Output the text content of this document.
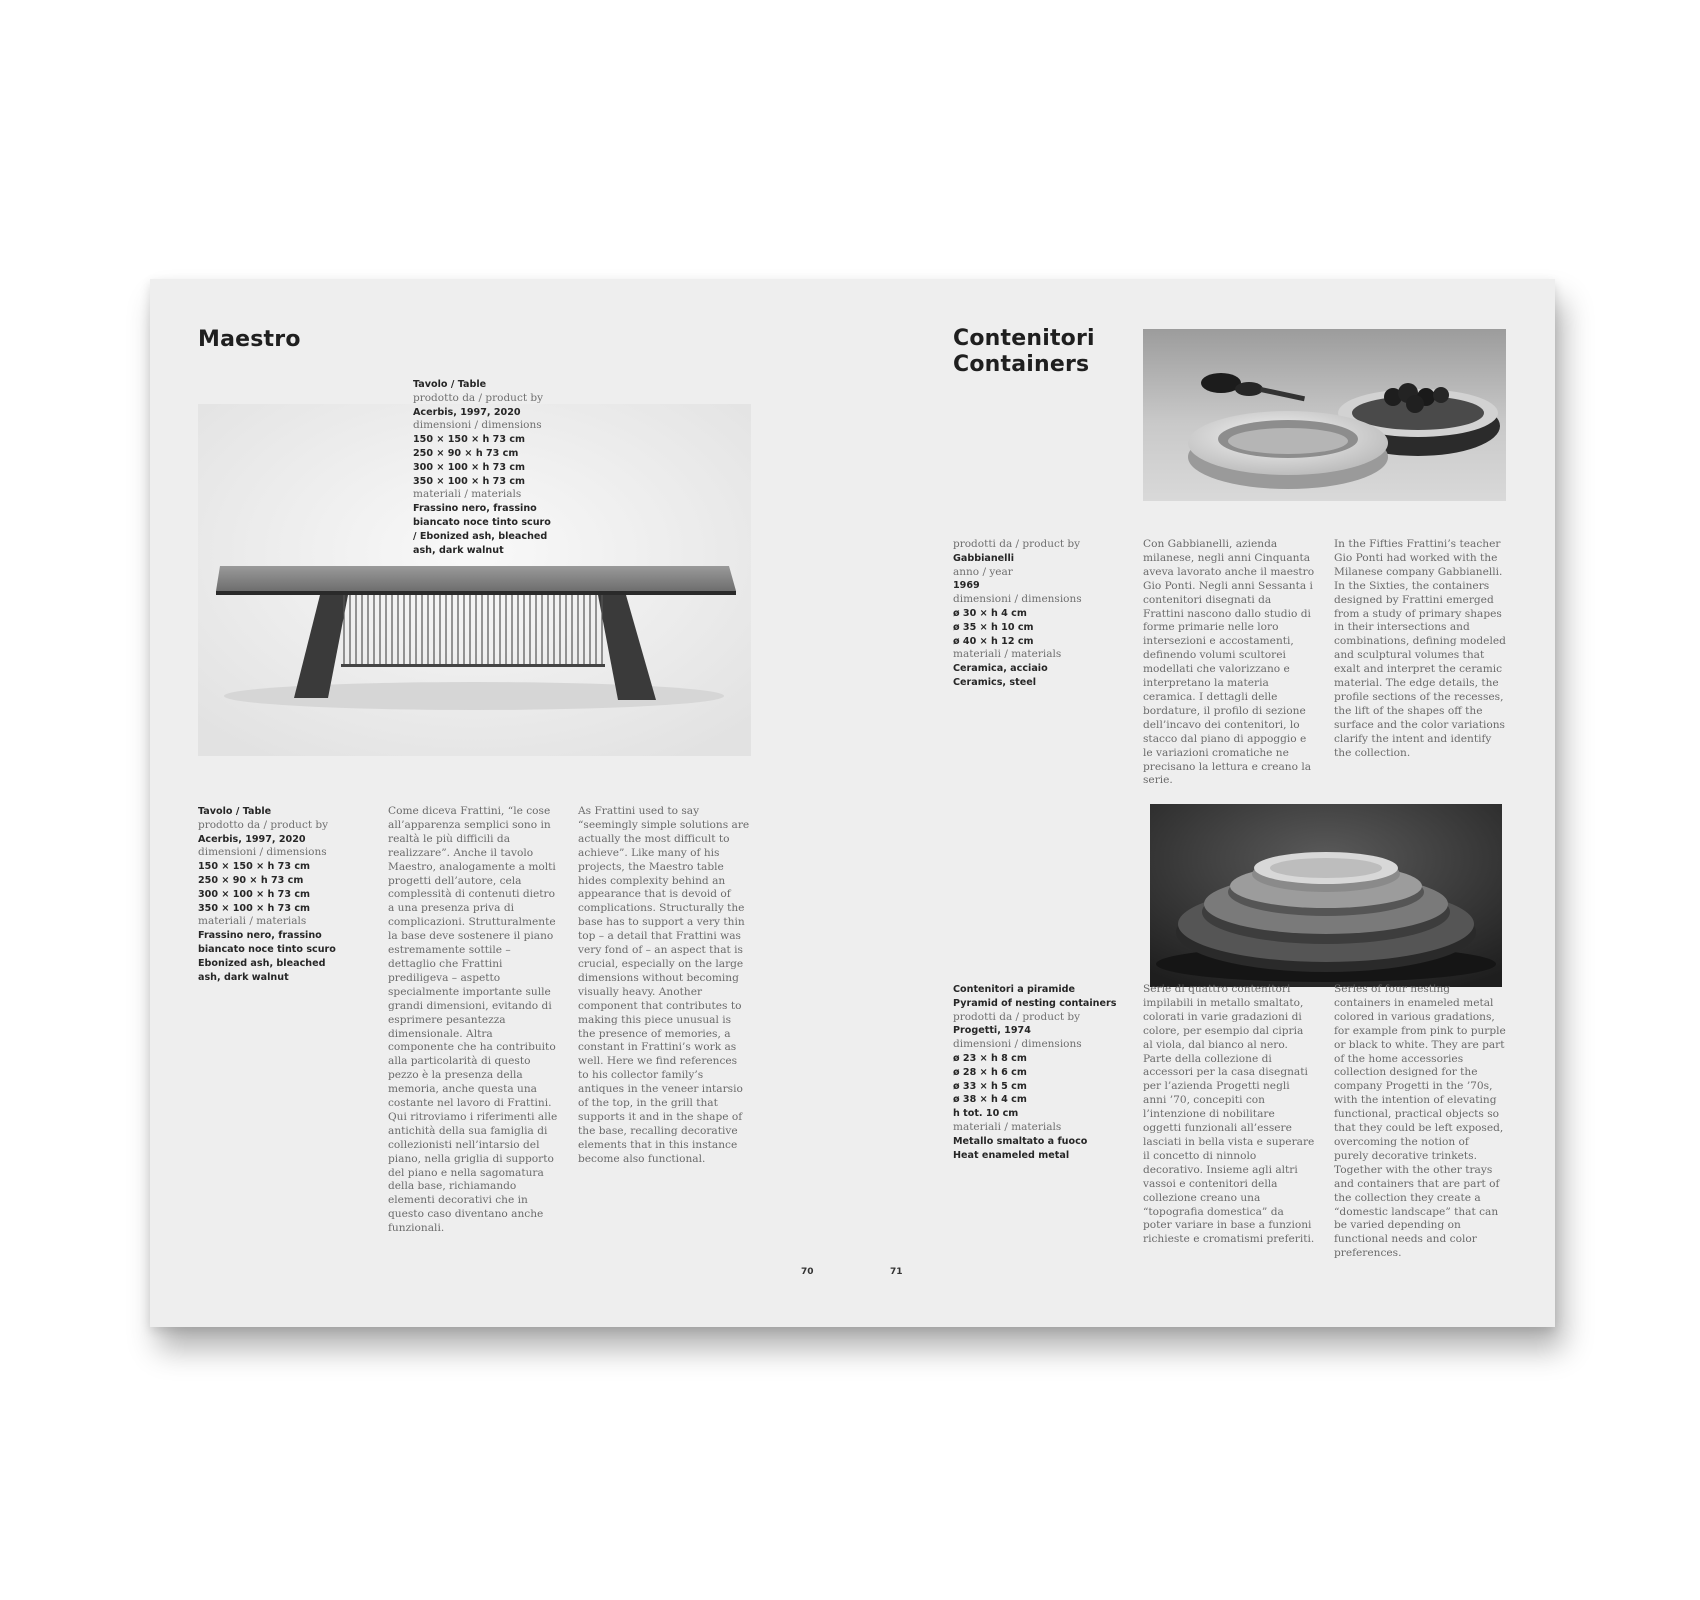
Maestro
Tavolo / Table
prodotto da / product by
Acerbis, 1997, 2020
dimensioni / dimensions
150 × 150 × h 73 cm
250 × 90 × h 73 cm
300 × 100 × h 73 cm
350 × 100 × h 73 cm
materiali / materials
Frassino nero, frassino
biancato noce tinto scuro
/ Ebonized ash, bleached
ash, dark walnut
Tavolo / Table
prodotto da / product by
Acerbis, 1997, 2020
dimensioni / dimensions
150 × 150 × h 73 cm
250 × 90 × h 73 cm
300 × 100 × h 73 cm
350 × 100 × h 73 cm
materiali / materials
Frassino nero, frassino
biancato noce tinto scuro
Ebonized ash, bleached
ash, dark walnut
Come diceva Frattini, “le cose all’apparenza semplici sono in realtà le più difficili da realizzare”. Anche il tavolo Maestro, analogamente a molti progetti dell’autore, cela complessità di contenuti dietro a una presenza priva di complicazioni. Strutturalmente la base deve sostenere il piano estremamente sottile – dettaglio che Frattini prediligeva – aspetto specialmente importante sulle grandi dimensioni, evitando di esprimere pesantezza dimensionale. Altra componente che ha contribuito alla particolarità di questo pezzo è la presenza della memoria, anche questa una costante nel lavoro di Frattini. Qui ritroviamo i riferimenti alle antichità della sua famiglia di collezionisti nell’intarsio del piano, nella griglia di supporto del piano e nella sagomatura della base, richiamando elementi decorativi che in questo caso diventano anche funzionali.
As Frattini used to say “seemingly simple solutions are actually the most difficult to achieve”. Like many of his projects, the Maestro table hides complexity behind an appearance that is devoid of complications. Structurally the base has to support a very thin top – a detail that Frattini was very fond of – an aspect that is crucial, especially on the large dimensions without becoming visually heavy. Another component that contributes to making this piece unusual is the presence of memories, a constant in Frattini’s work as well. Here we find references to his collector family’s antiques in the veneer intarsio of the top, in the grill that supports it and in the shape of the base, recalling decorative elements that in this instance become also functional.
70	71
Contenitori
Containers
prodotti da / product by
Gabbianelli
anno / year
1969
dimensioni / dimensions
ø 30 × h 4 cm
ø 35 × h 10 cm
ø 40 × h 12 cm
materiali / materials
Ceramica, acciaio
Ceramics, steel
Con Gabbianelli, azienda milanese, negli anni Cinquanta aveva lavorato anche il maestro Gio Ponti. Negli anni Sessanta i contenitori disegnati da Frattini nascono dallo studio di forme primarie nelle loro intersezioni e accostamenti, definendo volumi scultorei modellati che valorizzano e interpretano la materia ceramica. I dettagli delle bordature, il profilo di sezione dell’incavo dei contenitori, lo stacco dal piano di appoggio e le variazioni cromatiche ne precisano la lettura e creano la serie.
In the Fifties Frattini’s teacher Gio Ponti had worked with the Milanese company Gabbianelli. In the Sixties, the containers designed by Frattini emerged from a study of primary shapes in their intersections and combinations, defining modeled and sculptural volumes that exalt and interpret the ceramic material. The edge details, the profile sections of the recesses, the lift of the shapes off the surface and the color variations clarify the intent and identify the collection.
Contenitori a piramide
Pyramid of nesting containers
prodotti da / product by
Progetti, 1974
dimensioni / dimensions
ø 23 × h 8 cm
ø 28 × h 6 cm
ø 33 × h 5 cm
ø 38 × h 4 cm
h tot. 10 cm
materiali / materials
Metallo smaltato a fuoco
Heat enameled metal
Serie di quattro contenitori impilabili in metallo smaltato, colorati in varie gradazioni di colore, per esempio dal cipria al viola, dal bianco al nero. Parte della collezione di accessori per la casa disegnati per l’azienda Progetti negli anni ’70, concepiti con l’intenzione di nobilitare oggetti funzionali all’essere lasciati in bella vista e superare il concetto di ninnolo decorativo. Insieme agli altri vassoi e contenitori della collezione creano una “topografia domestica” da poter variare in base a funzioni richieste e cromatismi preferiti.
Series of four nesting containers in enameled metal colored in various gradations, for example from pink to purple or black to white. They are part of the home accessories collection designed for the company Progetti in the ’70s, with the intention of elevating functional, practical objects so that they could be left exposed, overcoming the notion of purely decorative trinkets. Together with the other trays and containers that are part of the collection they create a “domestic landscape” that can be varied depending on functional needs and color preferences.
